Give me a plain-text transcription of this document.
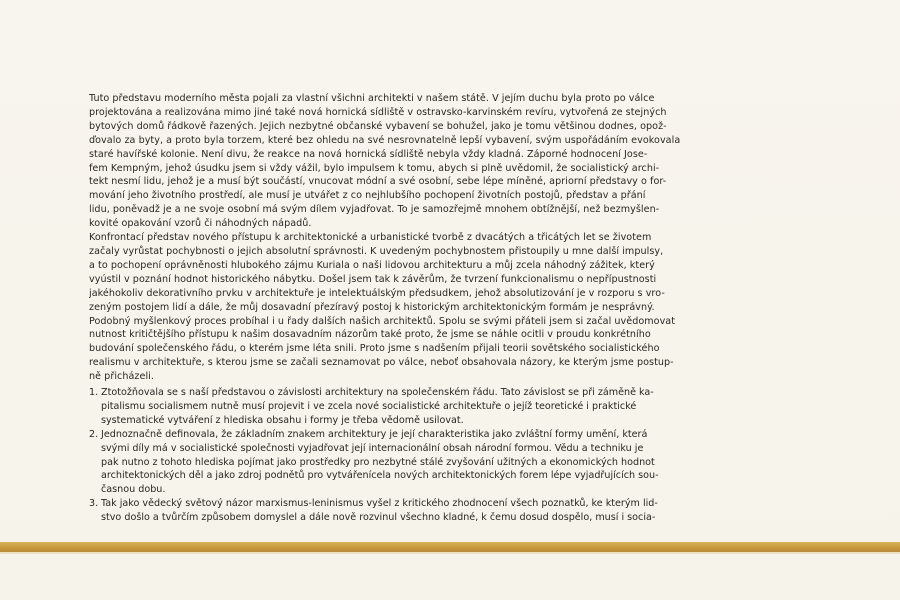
Tuto představu moderního města pojali za vlastní všichni architekti v našem státě. V jejím duchu byla proto po válce
projektována a realizována mimo jiné také nová hornická sídliště v ostravsko-karvinském revíru, vytvořená ze stejných
bytových domů řádkově řazených. Jejich nezbytné občanské vybavení se bohužel, jako je tomu většinou dodnes, opož-
ďovalo za byty, a proto byla torzem, které bez ohledu na své nesrovnatelně lepší vybavení, svým uspořádáním evokovala
staré havířské kolonie. Není divu, že reakce na nová hornická sídliště nebyla vždy kladná. Záporné hodnocení Jose-
fem Kempným, jehož úsudku jsem si vždy vážil, bylo impulsem k tomu, abych si plně uvědomil, že socialistický archi-
tekt nesmí lidu, jehož je a musí být součástí, vnucovat módní a své osobní, sebe lépe míněné, apriorní představy o for-
mování jeho životního prostředí, ale musí je utvářet z co nejhlubšího pochopení životních postojů, představ a přání
lidu, poněvadž je a ne svoje osobní má svým dílem vyjadřovat. To je samozřejmě mnohem obtížnější, než bezmyšlen-
kovité opakování vzorů či náhodných nápadů.

Konfrontací představ nového přístupu k architektonické a urbanistické tvorbě z dvacátých a třicátých let se životem
začaly vyrůstat pochybnosti o jejich absolutní správnosti. K uvedeným pochybnostem přistoupily u mne další impulsy,
a to pochopení oprávněnosti hlubokého zájmu Kuriala o naši lidovou architekturu a můj zcela náhodný zážitek, který
vyústil v poznání hodnot historického nábytku. Došel jsem tak k závěrům, že tvrzení funkcionalismu o nepřípustnosti
jakéhokoliv dekorativního prvku v architektuře je intelektuálským předsudkem, jehož absolutizování je v rozporu s vro-
zeným postojem lidí a dále, že můj dosavadní přezíravý postoj k historickým architektonickým formám je nesprávný.
Podobný myšlenkový proces probíhal i u řady dalších našich architektů. Spolu se svými přáteli jsem si začal uvědomovat
nutnost kritičtějšího přístupu k našim dosavadním názorům také proto, že jsme se náhle ocitli v proudu konkrétního
budování společenského řádu, o kterém jsme léta snili. Proto jsme s nadšením přijali teorii sovětského socialistického
realismu v architektuře, s kterou jsme se začali seznamovat po válce, neboť obsahovala názory, ke kterým jsme postup-
ně přicházeli.

1. Ztotožňovala se s naší představou o závislosti architektury na společenském řádu. Tato závislost se při záměně ka-
pitalismu socialismem nutně musí projevit i ve zcela nové socialistické architektuře o jejíž teoretické i praktické
systematické vytváření z hlediska obsahu i formy je třeba vědomě usilovat.
2. Jednoznačně definovala, že základním znakem architektury je její charakteristika jako zvláštní formy umění, která
svými díly má v socialistické společnosti vyjadřovat její internacionální obsah národní formou. Vědu a techniku je
pak nutno z tohoto hlediska pojímat jako prostředky pro nezbytné stálé zvyšování užitných a ekonomických hodnot
architektonických děl a jako zdroj podnětů pro vytvářenícela nových architektonických forem lépe vyjadřujících sou-
časnou dobu.
3. Tak jako vědecký světový názor marxismus-leninismus vyšel z kritického zhodnocení všech poznatků, ke kterým lid-
stvo došlo a tvůrčím způsobem domyslel a dále nově rozvinul všechno kladné, k čemu dosud dospělo, musí i socia-
